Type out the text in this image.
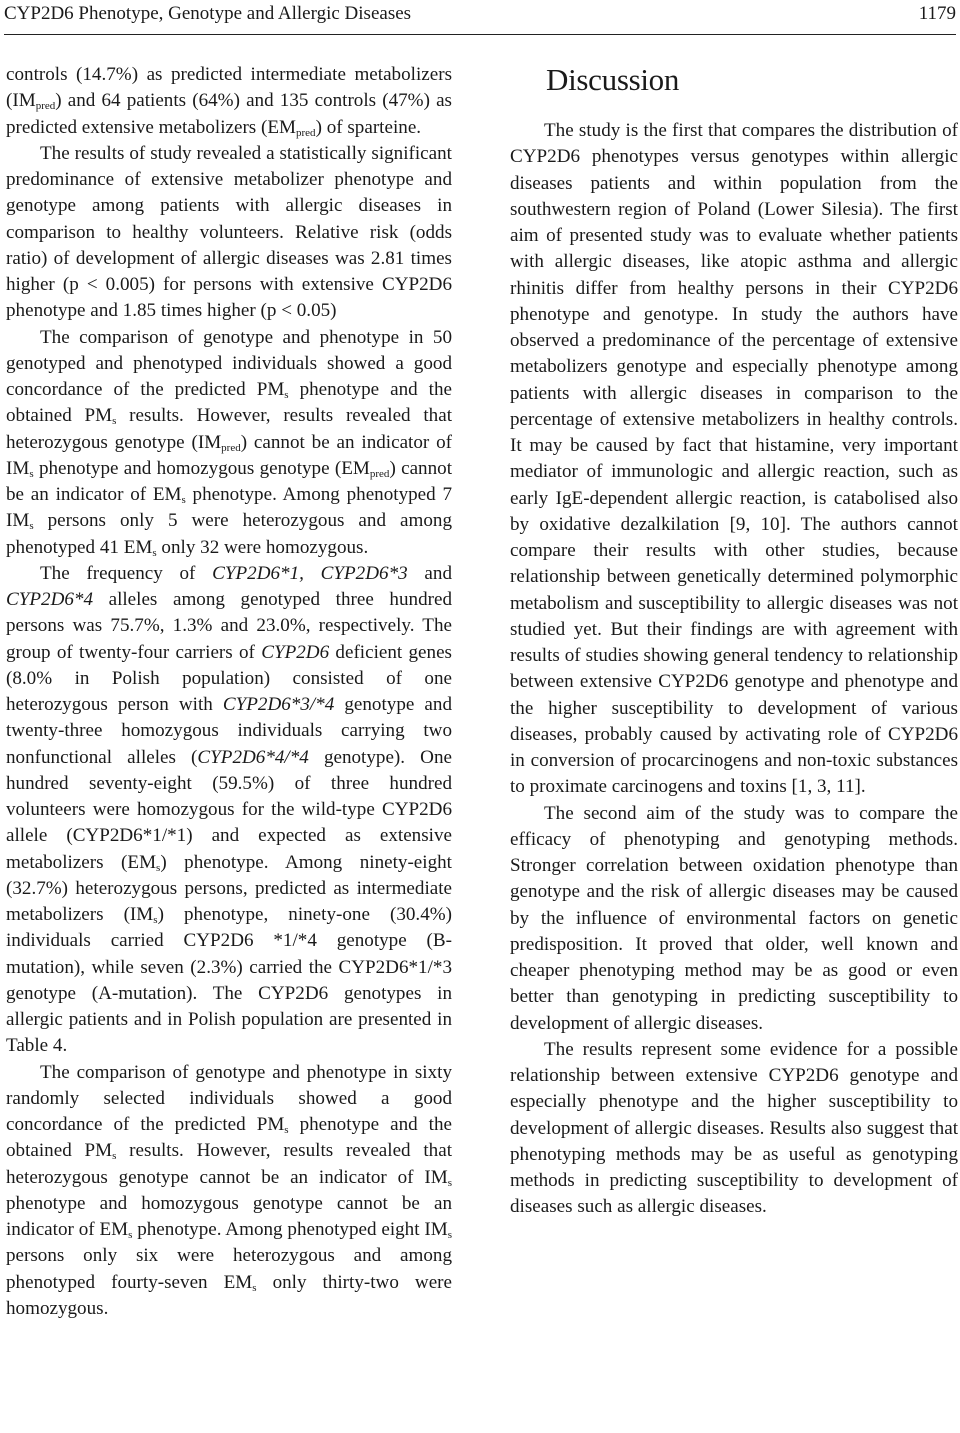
CYP2D6 Phenotype, Genotype and Allergic Diseases	1179

controls (14.7%) as predicted intermediate metabolizers $(IM_{pred})$ and 64 patients (64%) and 135 controls (47%) as predicted extensive metabolizers $(EM_{pred})$ of sparteine.

The results of study revealed a statistically significant predominance of extensive metabolizer phenotype and genotype among patients with allergic diseases in comparison to healthy volunteers. Relative risk (odds ratio) of development of allergic diseases was 2.81 times higher (p < 0.005) for persons with extensive CYP2D6 phenotype and 1.85 times higher (p < 0.05)

The comparison of genotype and phenotype in 50 genotyped and phenotyped individuals showed a good concordance of the predicted $PM_s$ phenotype and the obtained $PM_s$ results. However, results revealed that heterozygous genotype $(IM_{pred})$ cannot be an indicator of $IM_s$ phenotype and homozygous genotype $(EM_{pred})$ cannot be an indicator of $EM_s$ phenotype. Among phenotyped 7 $IM_s$ persons only 5 were heterozygous and among phenotyped 41 $EM_s$ only 32 were homozygous.

The frequency of CYP2D6*1, CYP2D6*3 and CYP2D6*4 alleles among genotyped three hundred persons was 75.7%, 1.3% and 23.0%, respectively. The group of twenty-four carriers of CYP2D6 deficient genes (8.0% in Polish population) consisted of one heterozygous person with CYP2D6*3/*4 genotype and twenty-three homozygous individuals carrying two nonfunctional alleles (CYP2D6*4/*4 genotype). One hundred seventy-eight (59.5%) of three hundred volunteers were homozygous for the wild-type CYP2D6 allele (CYP2D6*1/*1) and expected as extensive metabolizers $(EM_s)$ phenotype. Among ninety-eight (32.7%) heterozygous persons, predicted as intermediate metabolizers $(IM_s)$ phenotype, ninety-one (30.4%) individuals carried CYP2D6 *1/*4 genotype (B-mutation), while seven (2.3%) carried the CYP2D6*1/*3 genotype (A-mutation). The CYP2D6 genotypes in allergic patients and in Polish population are presented in Table 4.

The comparison of genotype and phenotype in sixty randomly selected individuals showed a good concordance of the predicted $PM_s$ phenotype and the obtained $PM_s$ results. However, results revealed that heterozygous genotype cannot be an indicator of $IM_s$ phenotype and homozygous genotype cannot be an indicator of $EM_s$ phenotype. Among phenotyped eight $IM_s$ persons only six were heterozygous and among phenotyped fourty-seven $EM_s$ only thirty-two were homozygous.

Discussion

The study is the first that compares the distribution of CYP2D6 phenotypes versus genotypes within allergic diseases patients and within population from the southwestern region of Poland (Lower Silesia). The first aim of presented study was to evaluate whether patients with allergic diseases, like atopic asthma and allergic rhinitis differ from healthy persons in their CYP2D6 phenotype and genotype. In study the authors have observed a predominance of the percentage of extensive metabolizers genotype and especially phenotype among patients with allergic diseases in comparison to the percentage of extensive metabolizers in healthy controls. It may be caused by fact that histamine, very important mediator of immunologic and allergic reaction, such as early IgE-dependent allergic reaction, is catabolised also by oxidative dezalkilation [9, 10]. The authors cannot compare their results with other studies, because relationship between genetically determined polymorphic metabolism and susceptibility to allergic diseases was not studied yet. But their findings are with agreement with results of studies showing general tendency to relationship between extensive CYP2D6 genotype and phenotype and the higher susceptibility to development of various diseases, probably caused by activating role of CYP2D6 in conversion of procarcinogens and non-toxic substances to proximate carcinogens and toxins [1, 3, 11].

The second aim of the study was to compare the efficacy of phenotyping and genotyping methods. Stronger correlation between oxidation phenotype than genotype and the risk of allergic diseases may be caused by the influence of environmental factors on genetic predisposition. It proved that older, well known and cheaper phenotyping method may be as good or even better than genotyping in predicting susceptibility to development of allergic diseases.

The results represent some evidence for a possible relationship between extensive CYP2D6 genotype and especially phenotype and the higher susceptibility to development of allergic diseases. Results also suggest that phenotyping methods may be as useful as genotyping methods in predicting susceptibility to development of diseases such as allergic diseases.
